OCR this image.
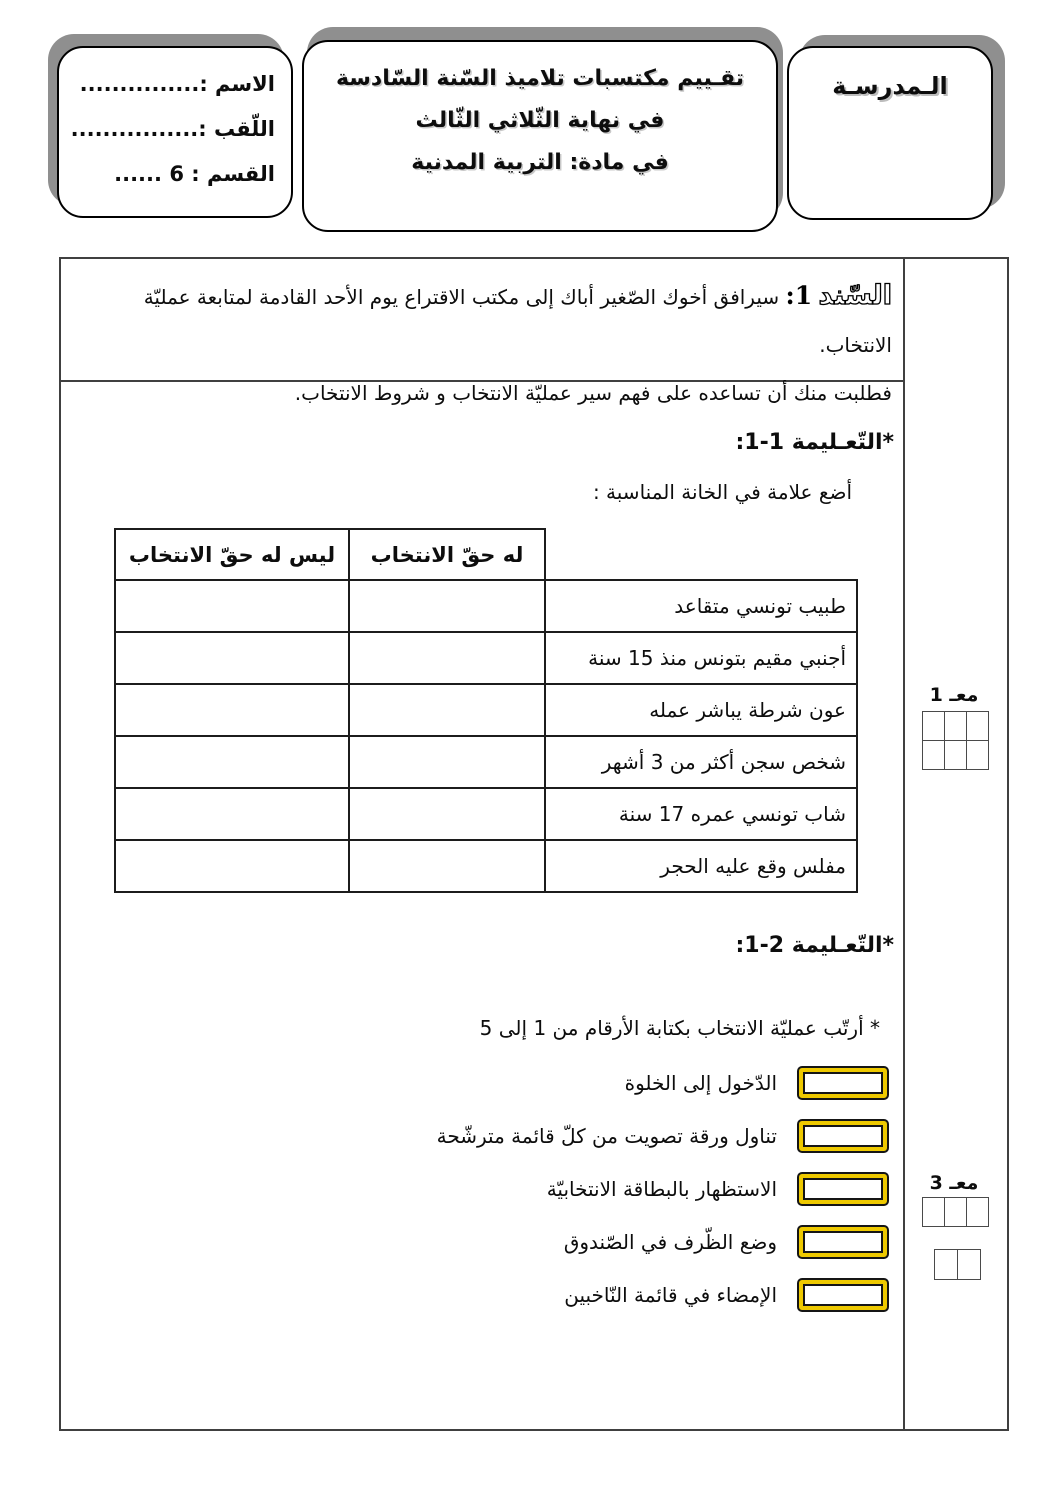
الاسم :...............
اللّقب :................
القسم : 6 ......
تقـييم مكتسبات تلاميذ السّنة السّادسة
في نهاية الثّلاثي الثّالث
في مادة: التربية المدنية
الـمدرسـة
السّند 1: سيرافق أخوك الصّغير أباك إلى مكتب الاقتراع يوم الأحد القادمة لمتابعة عمليّة الانتخاب.
فطلبت منك أن تساعده على فهم سير عمليّة الانتخاب و شروط الانتخاب.
*التّعـليمة 1-1:
أضع علامة في الخانة المناسبة :
	له حقّ الانتخاب	ليس له حقّ الانتخاب
طبيب تونسي متقاعد		
أجنبي مقيم بتونس منذ 15 سنة		
عون شرطة يباشر عمله		
شخص سجن أكثر من 3 أشهر		
شاب تونسي عمره 17 سنة		
مفلس وقع عليه الحجر		
*التّعـليمة 2-1:
* أرتّب عمليّة الانتخاب بكتابة الأرقام من 1 إلى 5
الدّخول إلى الخلوة
تناول ورقة تصويت من كلّ قائمة مترشّحة
الاستظهار بالبطاقة الانتخابيّة
وضع الظّرف في الصّندوق
الإمضاء في قائمة النّاخبين
معـ 1

معـ 3
